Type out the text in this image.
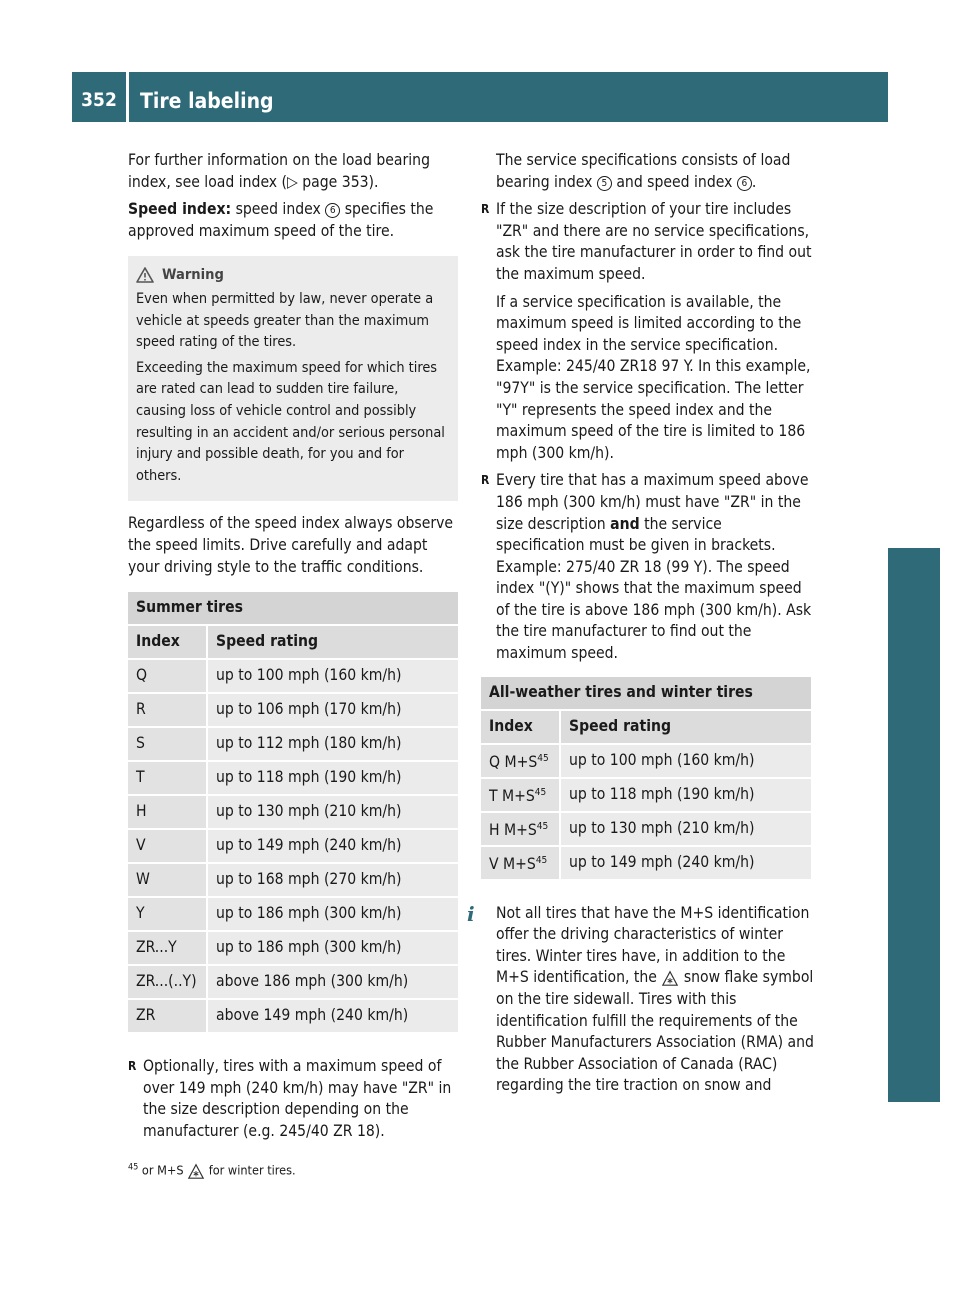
352	Tire labeling
Tires and wheels

For further information on the load bearing index, see load index (▷ page 353).

Speed index: speed index 6 specifies the approved maximum speed of the tire.

Warning

Even when permitted by law, never operate a vehicle at speeds greater than the maximum speed rating of the tires.

Exceeding the maximum speed for which tires are rated can lead to sudden tire failure, causing loss of vehicle control and possibly resulting in an accident and/or serious personal injury and possible death, for you and for others.

Regardless of the speed index always observe the speed limits. Drive carefully and adapt your driving style to the traffic conditions.

Summer tires	
Index	Speed rating
Q	up to 100 mph (160 km/h)
R	up to 106 mph (170 km/h)
S	up to 112 mph (180 km/h)
T	up to 118 mph (190 km/h)
H	up to 130 mph (210 km/h)
V	up to 149 mph (240 km/h)
W	up to 168 mph (270 km/h)
Y	up to 186 mph (300 km/h)
ZR...Y	up to 186 mph (300 km/h)
ZR...(..Y)	above 186 mph (300 km/h)
ZR	above 149 mph (240 km/h)
R Optionally, tires with a maximum speed of over 149 mph (240 km/h) may have "ZR" in the size description depending on the manufacturer (e.g. 245/40 ZR 18).

The service specifications consists of load bearing index 5 and speed index 6 .

R If the size description of your tire includes "ZR" and there are no service specifications, ask the tire manufacturer in order to find out the maximum speed.

If a service specification is available, the maximum speed is limited according to the speed index in the service specification. Example: 245/40 ZR18 97 Y. In this example, "97Y" is the service specification. The letter "Y" represents the speed index and the maximum speed of the tire is limited to 186 mph (300 km/h).

R Every tire that has a maximum speed above 186 mph (300 km/h) must have "ZR" in the size description and the service specification must be given in brackets. Example: 275/40 ZR 18 (99 Y). The speed index "(Y)" shows that the maximum speed of the tire is above 186 mph (300 km/h). Ask the tire manufacturer to find out the maximum speed.
All-weather tires and winter tires	
Index	Speed rating
Q $M+S^{45}$	up to 100 mph (160 km/h)
T $M+S^{45}$	up to 118 mph (190 km/h)
H $M+S^{45}$	up to 130 mph (210 km/h)
V $M+S^{45}$	up to 149 mph (240 km/h)
i	Not all tires that have the M+S identification offer the driving characteristics of winter tires. Winter tires have, in addition to the M+S identification, the  snow flake symbol on the tire sidewall. Tires with this identification fulfill the requirements of the Rubber Manufacturers Association (RMA) and the Rubber Association of Canada (RAC) regarding the tire traction on snow and
$^{45}$ or M+S  for winter tires.
